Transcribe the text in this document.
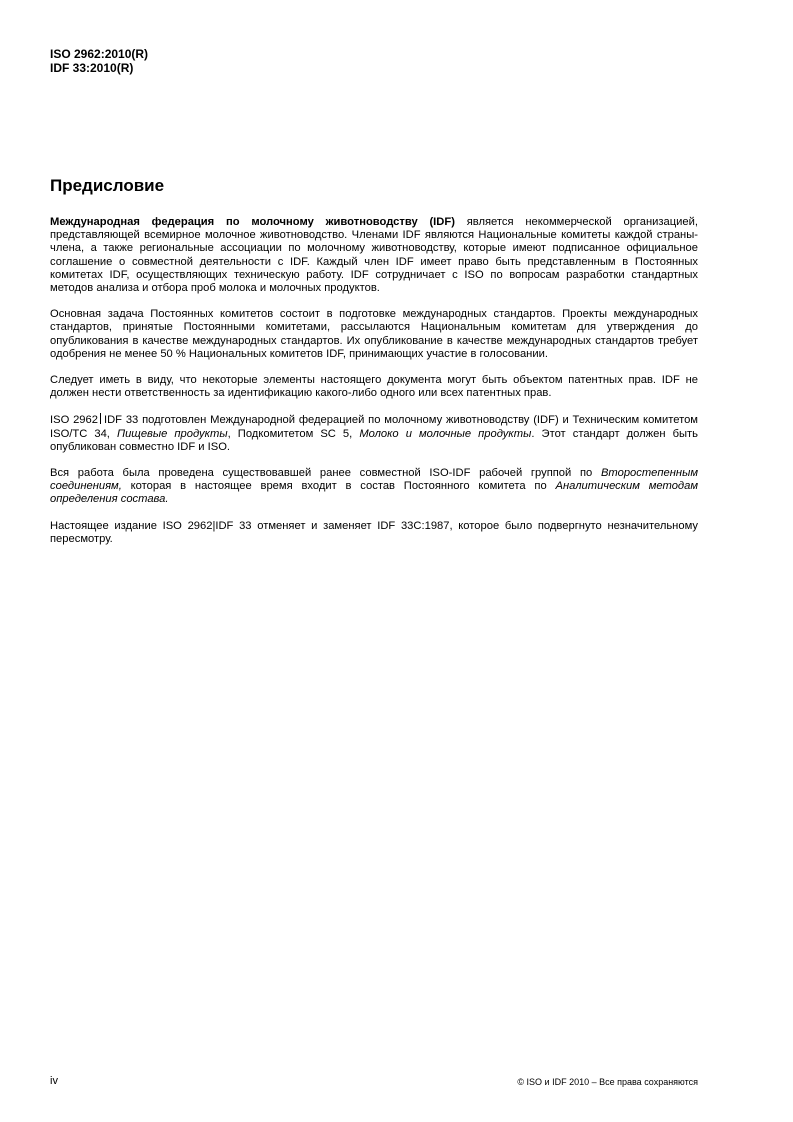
ISO 2962:2010(R)
IDF 33:2010(R)
Предисловие

Международная федерация по молочному животноводству (IDF) является некоммерческой организацией, представляющей всемирное молочное животноводство. Членами IDF являются Национальные комитеты каждой страны-члена, а также региональные ассоциации по молочному животноводству, которые имеют подписанное официальное соглашение о совместной деятельности с IDF. Каждый член IDF имеет право быть представленным в Постоянных комитетах IDF, осуществляющих техническую работу. IDF сотрудничает с ISO по вопросам разработки стандартных методов анализа и отбора проб молока и молочных продуктов.

Основная задача Постоянных комитетов состоит в подготовке международных стандартов. Проекты международных стандартов, принятые Постоянными комитетами, рассылаются Национальным комитетам для утверждения до опубликования в качестве международных стандартов. Их опубликование в качестве международных стандартов требует одобрения не менее 50 % Национальных комитетов IDF, принимающих участие в голосовании.

Следует иметь в виду, что некоторые элементы настоящего документа могут быть объектом патентных прав. IDF не должен нести ответственность за идентификацию какого-либо одного или всех патентных прав.

ISO 2962 IDF 33 подготовлен Международной федерацией по молочному животноводству (IDF) и Техническим комитетом ISO/TC 34, Пищевые продукты, Подкомитетом SC 5, Молоко и молочные продукты. Этот стандарт должен быть опубликован совместно IDF и ISO.

Вся работа была проведена существовавшей ранее совместной ISO-IDF рабочей группой по Второстепенным соединениям, которая в настоящее время входит в состав Постоянного комитета по Аналитическим методам определения состава.

Настоящее издание ISO 2962|IDF 33 отменяет и заменяет IDF 33C:1987, которое было подвергнуто незначительному пересмотру.

iv	© ISO и IDF 2010 – Все права сохраняются
